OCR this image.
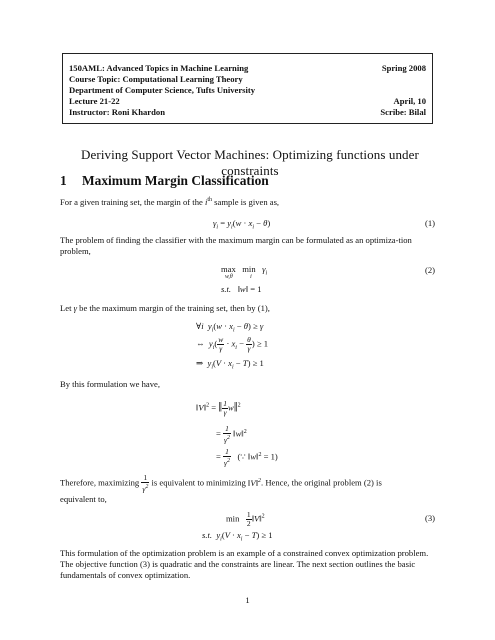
150AML: Advanced Topics in Machine Learning	Spring 2008
Course Topic: Computational Learning Theory
Department of Computer Science, Tufts University
Lecture 21-22	April, 10
Instructor: Roni Khardon	Scribe: Bilal
Deriving Support Vector Machines: Optimizing functions under constraints
1 Maximum Margin Classification
For a given training set, the margin of the $i^{th}$ sample is given as,
$\gamma_i = y_i(w \cdot x_i - \theta)$	(1)
The problem of finding the classifier with the maximum margin can be formulated as an optimiza-tion problem,
$\max \min \gamma_i$
w,θ            i
s.t.   ‖w‖ = 1
(2)
Let γ be the maximum margin of the training set, then by (1),
∀i  $y_i(w \cdot x_i - \theta) \ge \gamma$
⇔  $y_i( \frac{w}{\gamma} \cdot x_i - \frac{\theta}{\gamma}$ ) ≥ 1
⇒  $y_i(V \cdot x_i - T) \ge 1$
By this formulation we have,
‖V‖$^2$ = ‖ $\frac{1}{\gamma}$ w‖$^2$
= $\frac{1}{\gamma^2}$ ‖w‖$^2$
= $\frac{1}{\gamma^2}$ (∵ ‖w‖$^2$ = 1)
Therefore, maximizing $\frac{1}{\gamma^2}$ is equivalent to minimizing ‖V‖$^2$. Hence, the original problem (2) is
equivalent to,
$\min \frac{1}{2}$ ‖V‖$^2$
s.t.  $y_i(V \cdot x_i - T) \ge 1$
(3)
This formulation of the optimization problem is an example of a constrained convex optimization problem. The objective function (3) is quadratic and the constraints are linear. The next section outlines the basic fundamentals of convex optimization.
1
